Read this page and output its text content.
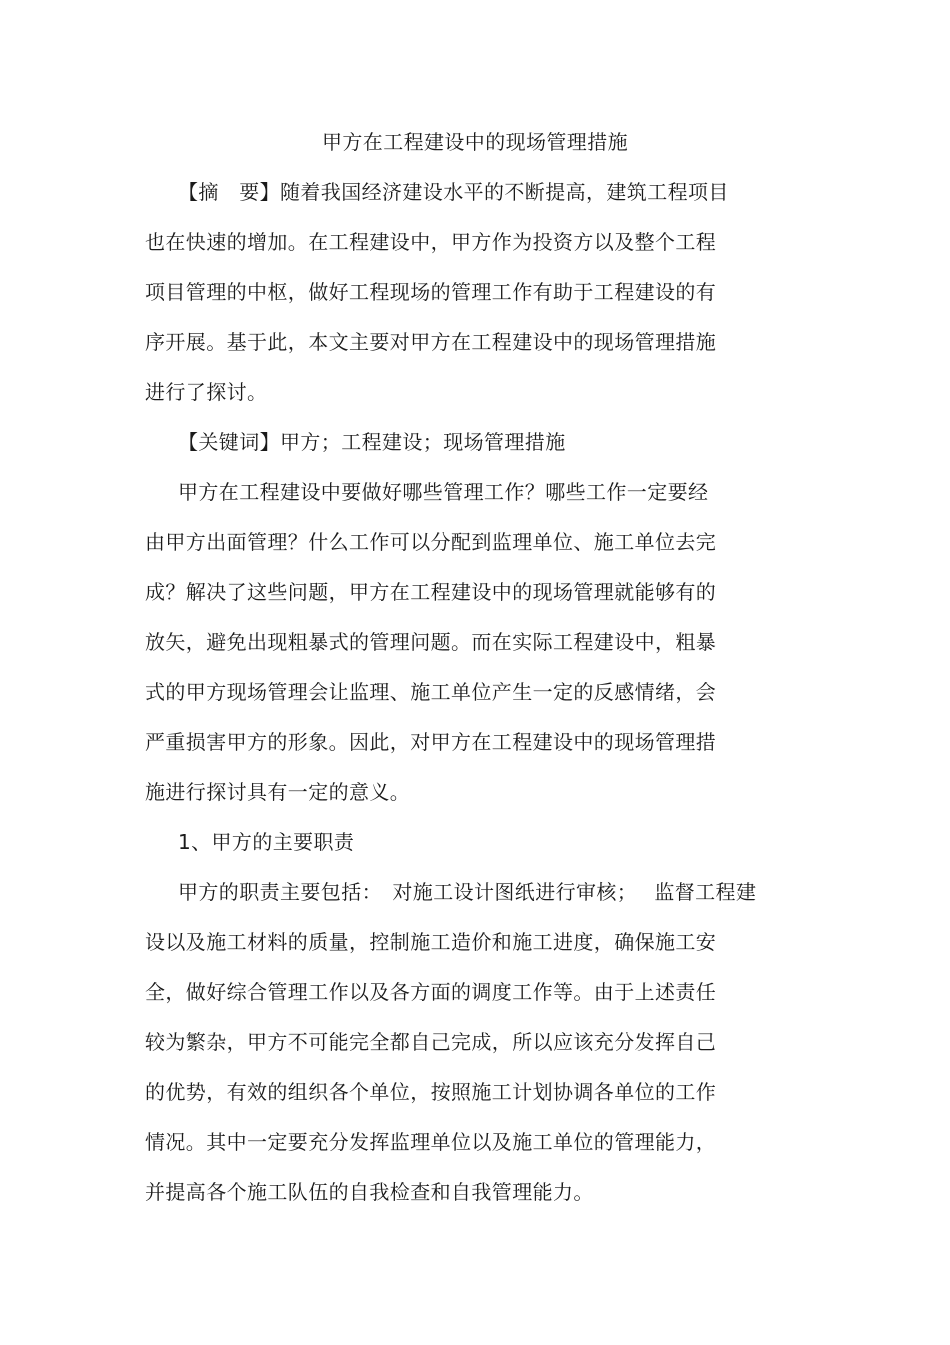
甲方在工程建设中的现场管理措施
【摘　要】随着我国经济建设水平的不断提高，建筑工程项目
也在快速的增加。在工程建设中，甲方作为投资方以及整个工程
项目管理的中枢，做好工程现场的管理工作有助于工程建设的有
序开展。基于此，本文主要对甲方在工程建设中的现场管理措施
进行了探讨。
【关键词】甲方；工程建设；现场管理措施
甲方在工程建设中要做好哪些管理工作？哪些工作一定要经
由甲方出面管理？什么工作可以分配到监理单位、施工单位去完
成？解决了这些问题，甲方在工程建设中的现场管理就能够有的
放矢，避免出现粗暴式的管理问题。而在实际工程建设中，粗暴
式的甲方现场管理会让监理、施工单位产生一定的反感情绪，会
严重损害甲方的形象。因此，对甲方在工程建设中的现场管理措
施进行探讨具有一定的意义。
1、甲方的主要职责
甲方的职责主要包括：　对施工设计图纸进行审核；　 监督工程建
设以及施工材料的质量，控制施工造价和施工进度，确保施工安
全，做好综合管理工作以及各方面的调度工作等。由于上述责任
较为繁杂，甲方不可能完全都自己完成，所以应该充分发挥自己
的优势，有效的组织各个单位，按照施工计划协调各单位的工作
情况。其中一定要充分发挥监理单位以及施工单位的管理能力，
并提高各个施工队伍的自我检查和自我管理能力。
